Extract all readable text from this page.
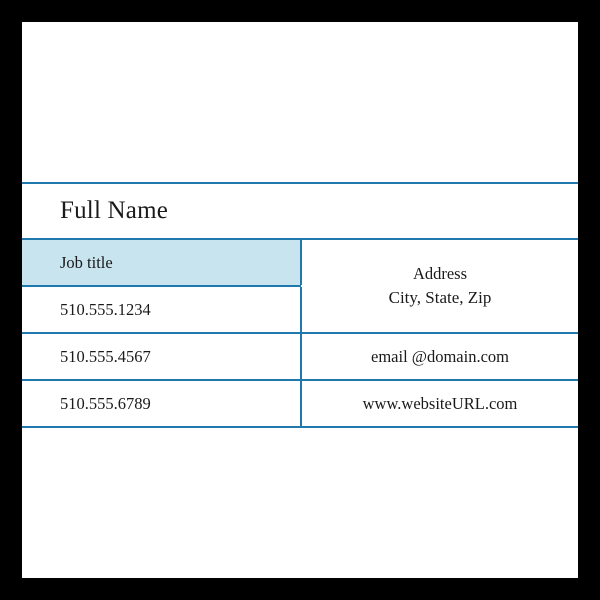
Full Name
Job title	Address
City, State, Zip

510.555.1234	

510.555.4567	email @domain.com

510.555.6789	www.websiteURL.com
